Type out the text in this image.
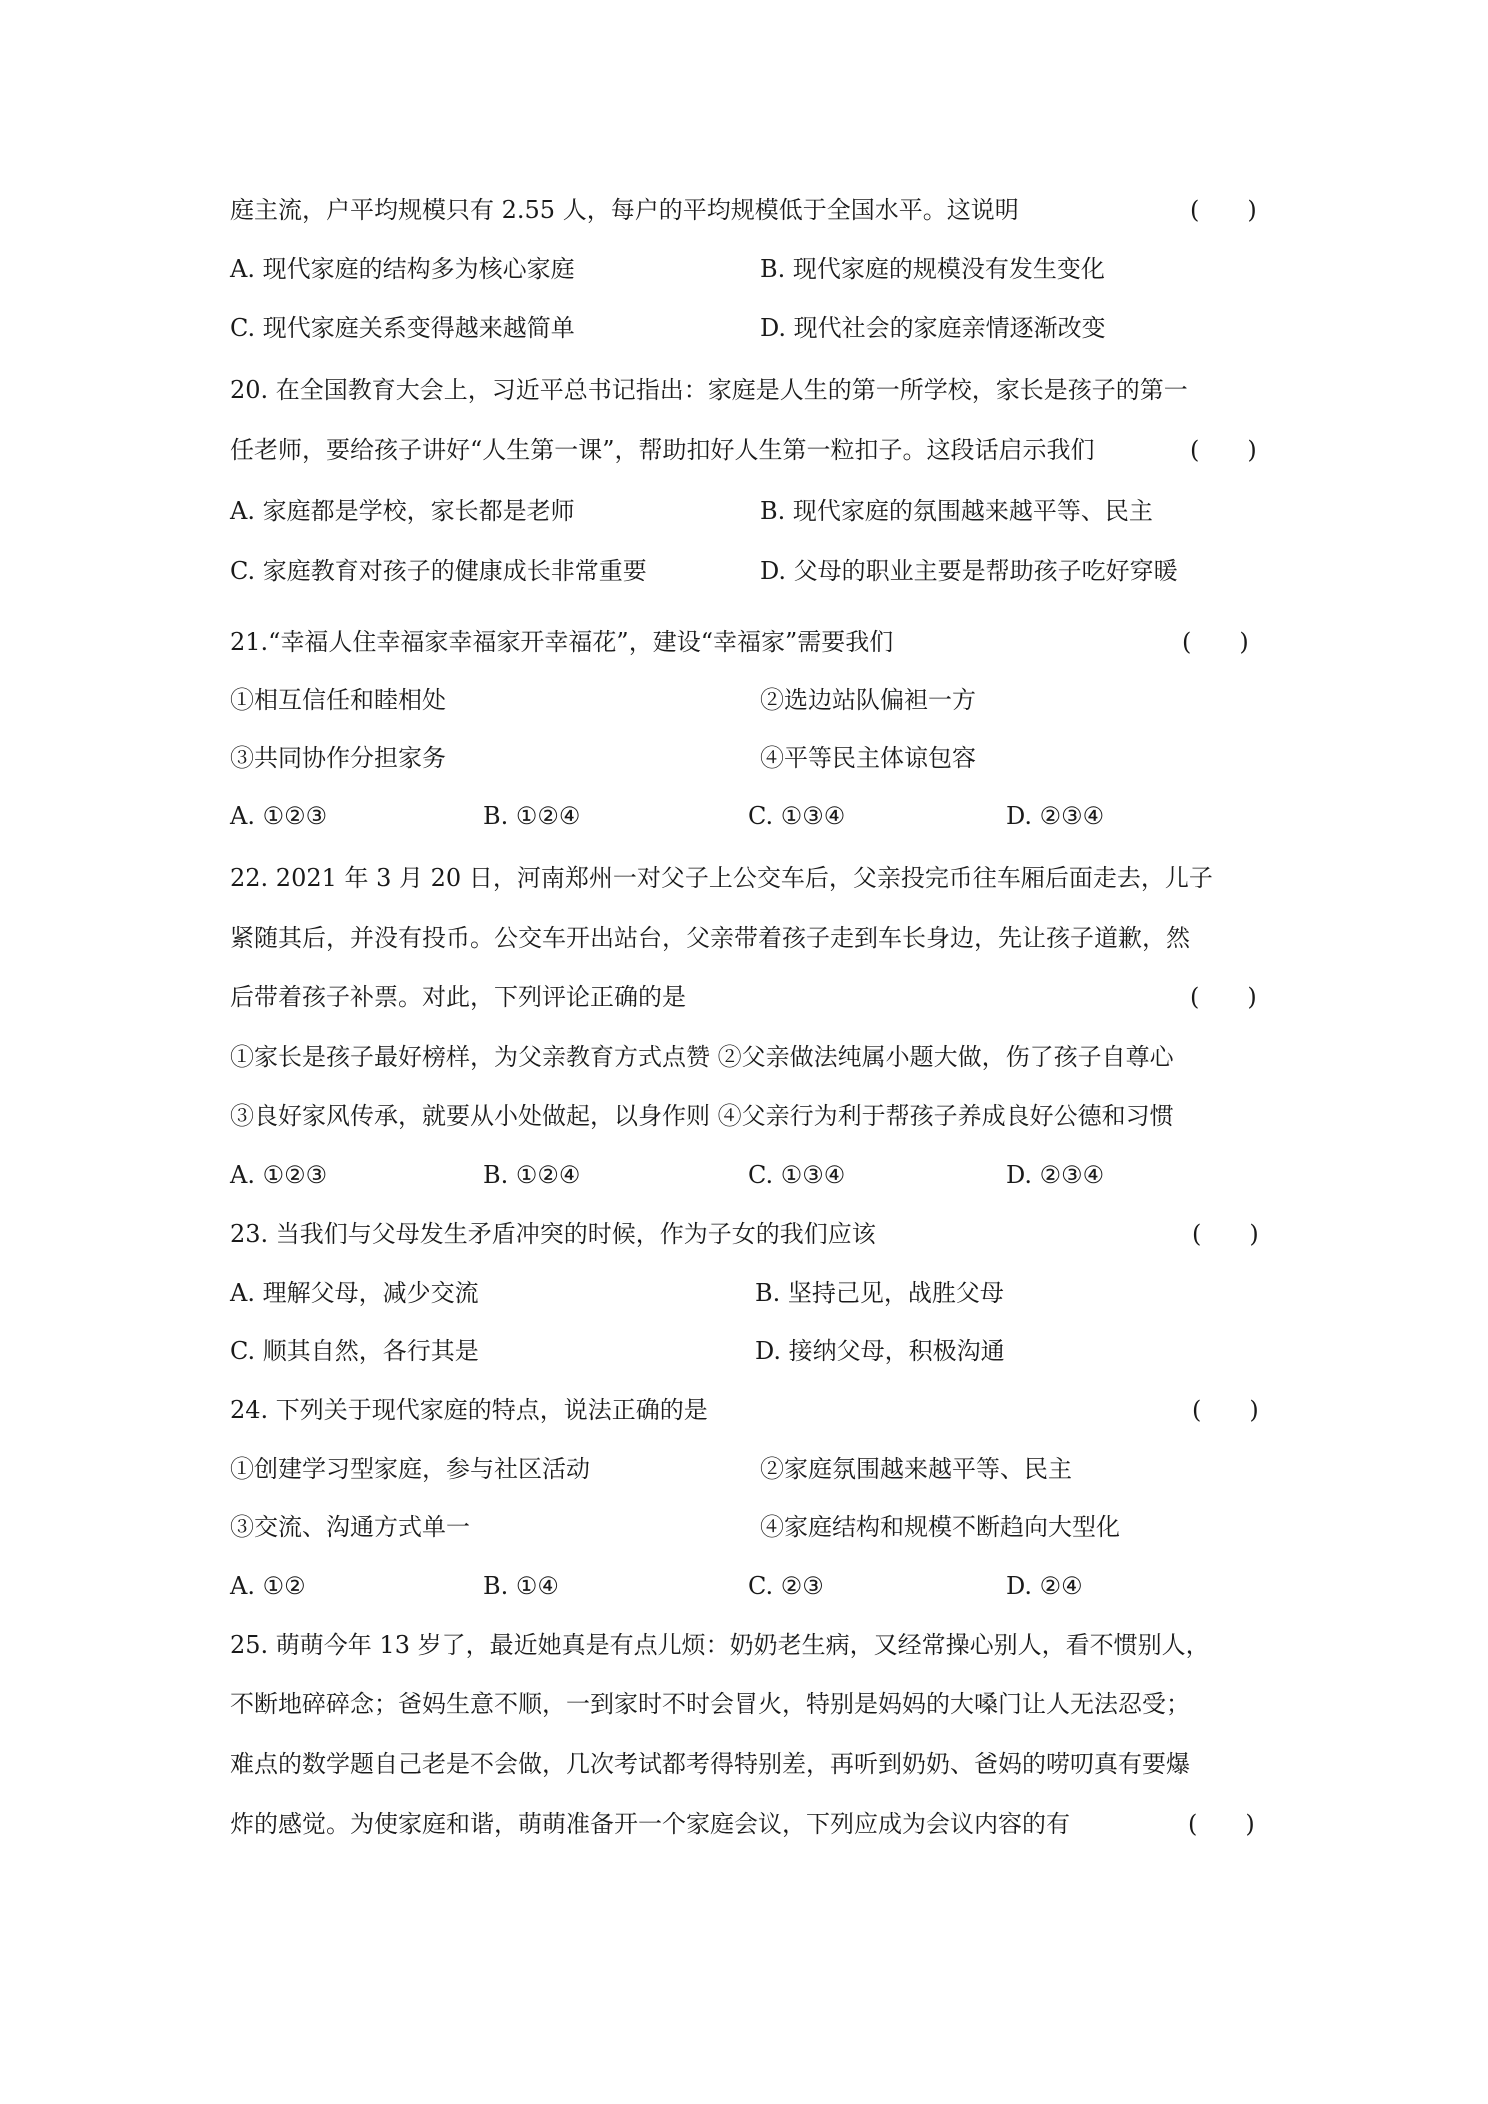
庭主流，户平均规模只有 2.55 人，每户的平均规模低于全国水平。这说明	(　　)
A. 现代家庭的结构多为核心家庭	B. 现代家庭的规模没有发生变化
C. 现代家庭关系变得越来越简单	D. 现代社会的家庭亲情逐渐改变
20. 在全国教育大会上，习近平总书记指出：家庭是人生的第一所学校，家长是孩子的第一
任老师，要给孩子讲好“人生第一课”，帮助扣好人生第一粒扣子。这段话启示我们	(　　)
A. 家庭都是学校，家长都是老师	B. 现代家庭的氛围越来越平等、民主
C. 家庭教育对孩子的健康成长非常重要	D. 父母的职业主要是帮助孩子吃好穿暖
21.“幸福人住幸福家幸福家开幸福花”，建设“幸福家”需要我们	(　　)
①相互信任和睦相处	②选边站队偏袒一方
③共同协作分担家务	④平等民主体谅包容
A. ①②③	B. ①②④	C. ①③④	D. ②③④
22. 2021 年 3 月 20 日，河南郑州一对父子上公交车后，父亲投完币往车厢后面走去，儿子
紧随其后，并没有投币。公交车开出站台，父亲带着孩子走到车长身边，先让孩子道歉，然
后带着孩子补票。对此，下列评论正确的是	(　　)
①家长是孩子最好榜样，为父亲教育方式点赞 ②父亲做法纯属小题大做，伤了孩子自尊心
③良好家风传承，就要从小处做起，以身作则 ④父亲行为利于帮孩子养成良好公德和习惯
A. ①②③	B. ①②④	C. ①③④	D. ②③④
23. 当我们与父母发生矛盾冲突的时候，作为子女的我们应该	(　　)
A. 理解父母，减少交流	B. 坚持己见，战胜父母
C. 顺其自然，各行其是	D. 接纳父母，积极沟通
24. 下列关于现代家庭的特点，说法正确的是	(　　)
①创建学习型家庭，参与社区活动	②家庭氛围越来越平等、民主
③交流、沟通方式单一	④家庭结构和规模不断趋向大型化
A. ①②	B. ①④	C. ②③	D. ②④
25. 萌萌今年 13 岁了，最近她真是有点儿烦：奶奶老生病，又经常操心别人，看不惯别人，
不断地碎碎念；爸妈生意不顺，一到家时不时会冒火，特别是妈妈的大嗓门让人无法忍受；
难点的数学题自己老是不会做，几次考试都考得特别差，再听到奶奶、爸妈的唠叨真有要爆
炸的感觉。为使家庭和谐，萌萌准备开一个家庭会议，下列应成为会议内容的有	(　　)
